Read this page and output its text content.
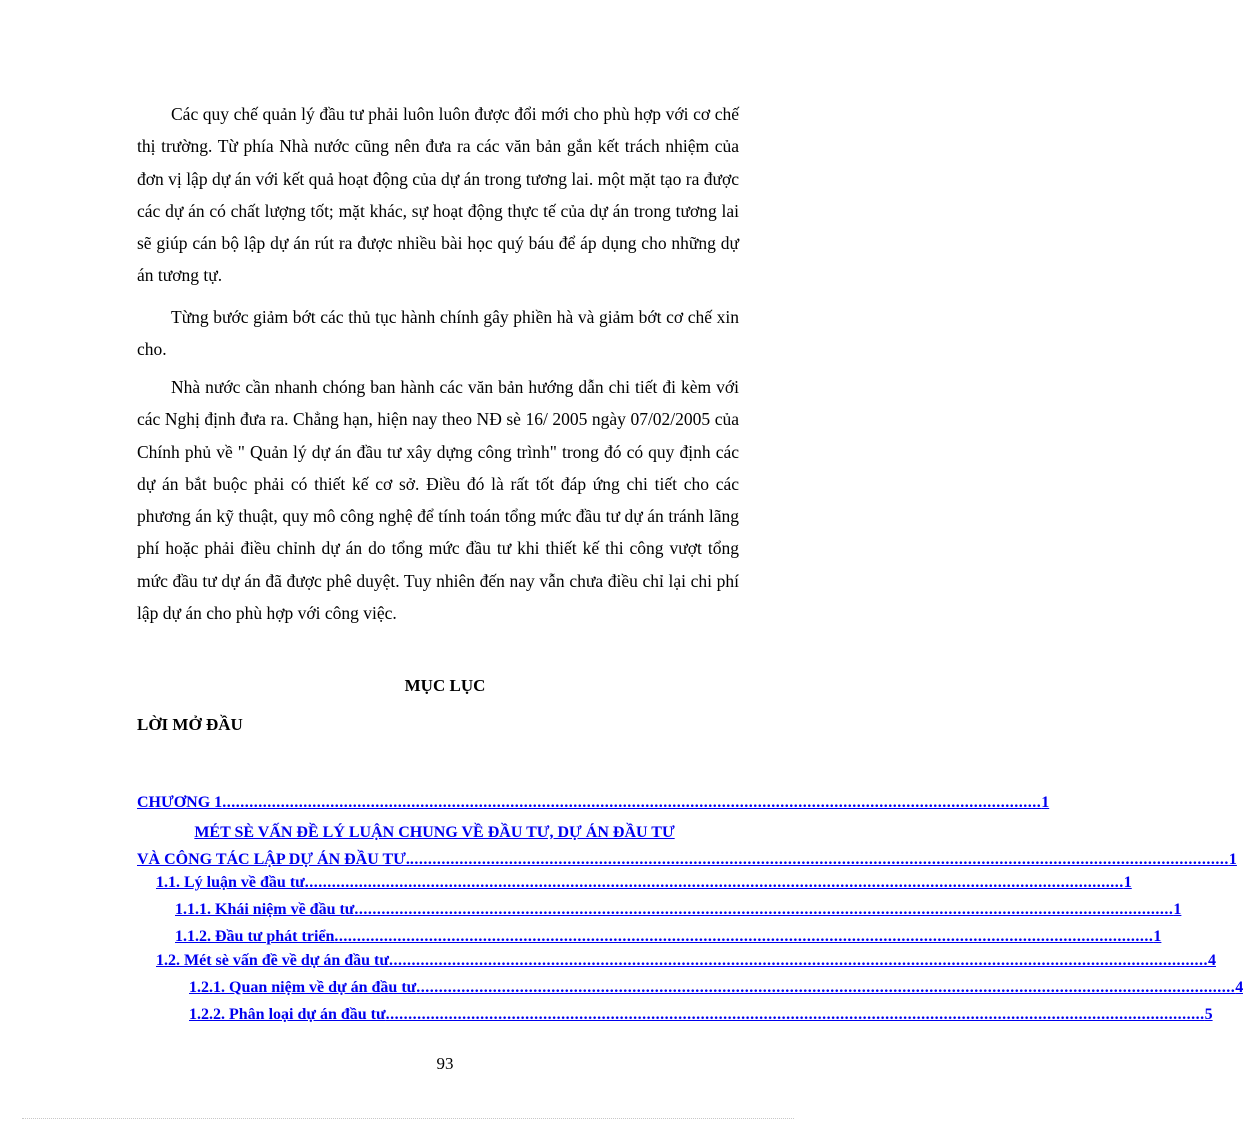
Các quy chế quản lý đầu tư phải luôn luôn được đổi mới cho phù hợp với cơ chế thị trường. Từ phía Nhà nước cũng nên đưa ra các văn bản gắn kết trách nhiệm của đơn vị lập dự án với kết quả hoạt động của dự án trong tương lai. một mặt tạo ra được các dự án có chất lượng tốt; mặt khác, sự hoạt động thực tế của dự án trong tương lai sẽ giúp cán bộ lập dự án rút ra được nhiều bài học quý báu để áp dụng cho những dự án tương tự.

Từng bước giảm bớt các thủ tục hành chính gây phiền hà và giảm bớt cơ chế xin cho.

Nhà nước cần nhanh chóng ban hành các văn bản hướng dẫn chi tiết đi kèm với các Nghị định đưa ra. Chẳng hạn, hiện nay theo NĐ sè 16/ 2005 ngày 07/02/2005 của Chính phủ về " Quản lý dự án đầu tư xây dựng công trình" trong đó có quy định các dự án bắt buộc phải có thiết kế cơ sở. Điều đó là rất tốt đáp ứng chi tiết cho các phương án kỹ thuật, quy mô công nghệ để tính toán tổng mức đầu tư dự án tránh lãng phí hoặc phải điều chỉnh dự án do tổng mức đầu tư khi thiết kế thi công vượt tổng mức đầu tư dự án đã được phê duyệt. Tuy nhiên đến nay vẫn chưa điều chỉ lại chi phí lập dự án cho phù hợp với công việc.

MỤC LỤC
LỜI MỞ ĐẦU
CHƯƠNG 1 ...................................................................................................................................................................................... 1
MÉT SÈ VẤN ĐỀ LÝ LUẬN CHUNG VỀ ĐẦU TƯ, DỰ ÁN ĐẦU TƯ
VÀ CÔNG TÁC LẬP DỰ ÁN ĐẦU TƯ. ...................................................................................................................................................................................... 1
1.1. Lý luận về đầu tư ...................................................................................................................................................................................... 1
1.1.1. Khái niệm về đầu tư ...................................................................................................................................................................................... 1
1.1.2. Đầu tư phát triển ...................................................................................................................................................................................... 1
1.2. Mét sè vấn đề về dự án đầu tư ...................................................................................................................................................................................... 4
1.2.1. Quan niệm về dự án đầu tư ...................................................................................................................................................................................... 4
1.2.2. Phân loại dự án đầu tư ...................................................................................................................................................................................... 5
93
